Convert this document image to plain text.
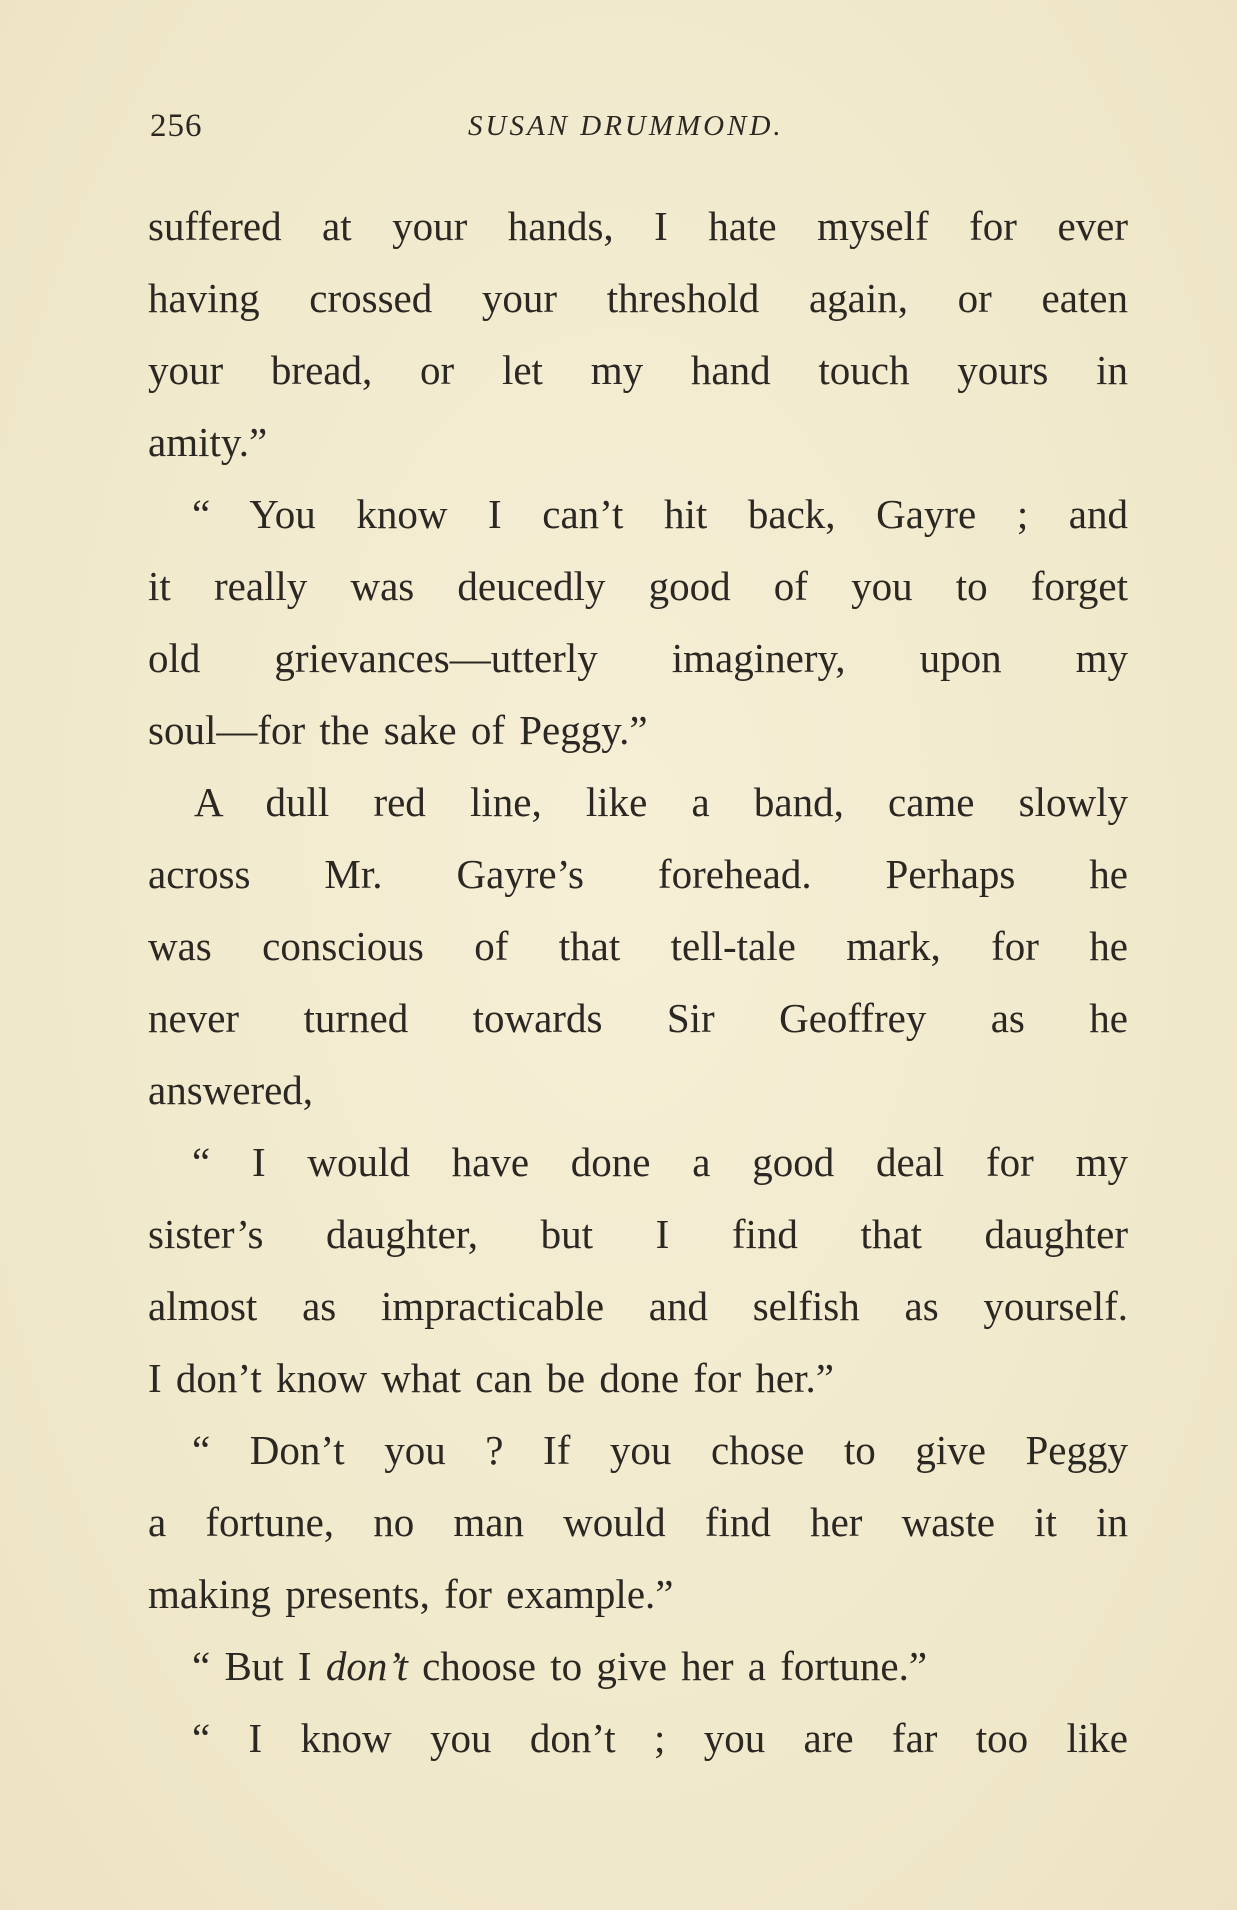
256	SUSAN DRUMMOND.
suffered at your hands, I hate myself for ever
having crossed your threshold again, or eaten
your bread, or let my hand touch yours in
amity.”
“ You know I can’t hit back, Gayre ; and
it really was deucedly good of you to forget
old grievances—utterly imaginery, upon my
soul—for the sake of Peggy.”
A dull red line, like a band, came slowly
across Mr. Gayre’s forehead. Perhaps he
was conscious of that tell-tale mark, for he
never turned towards Sir Geoffrey as he
answered,
“ I would have done a good deal for my
sister’s daughter, but I find that daughter
almost as impracticable and selfish as yourself.
I don’t know what can be done for her.”
“ Don’t you ? If you chose to give Peggy
a fortune, no man would find her waste it in
making presents, for example.”
“ But I don’t choose to give her a fortune.”
“ I know you don’t ; you are far too like
